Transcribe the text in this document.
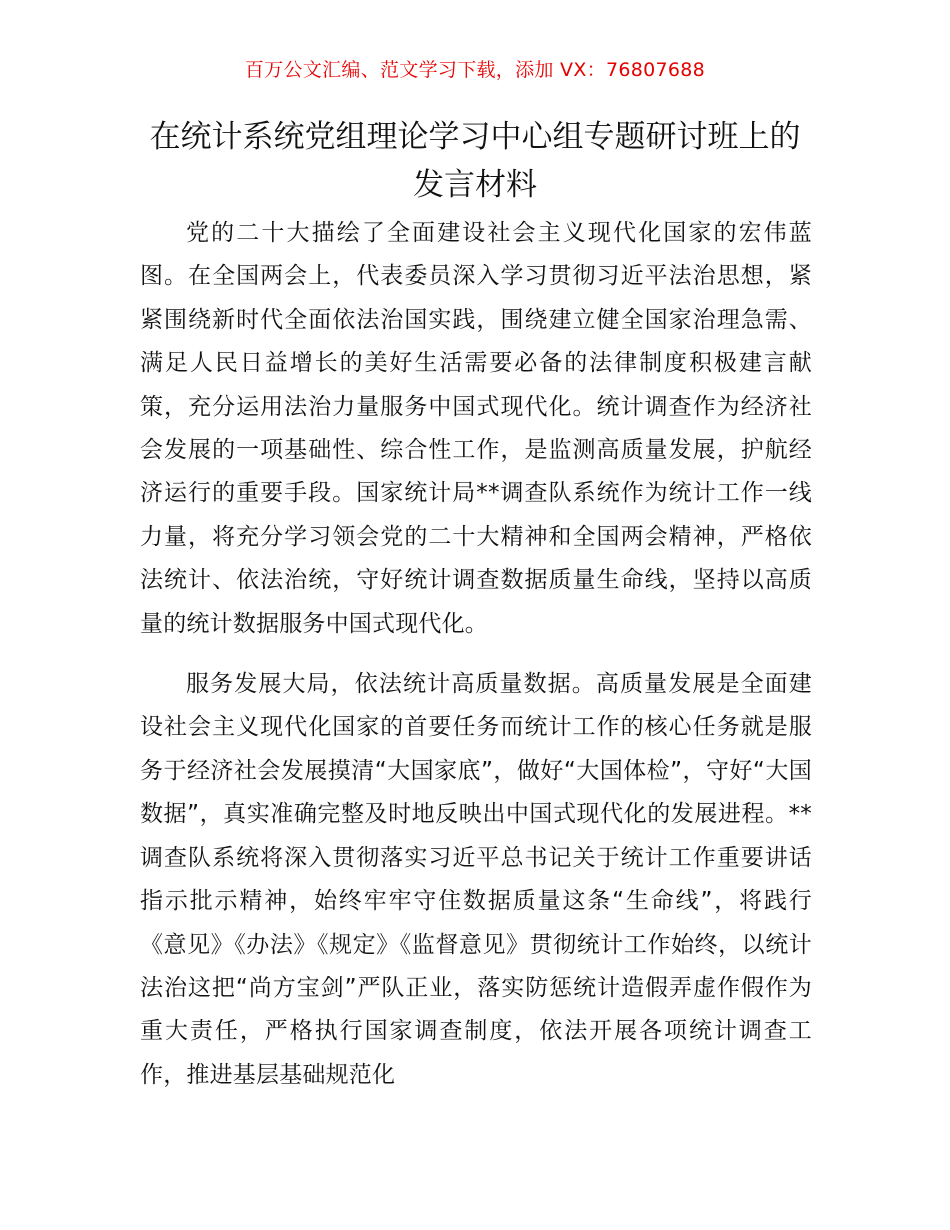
百万公文汇编、范文学习下载，添加 VX：76807688
在统计系统党组理论学习中心组专题研讨班上的发言材料

党的二十大描绘了全面建设社会主义现代化国家的宏伟蓝图。在全国两会上，代表委员深入学习贯彻习近平法治思想，紧紧围绕新时代全面依法治国实践，围绕建立健全国家治理急需、满足人民日益增长的美好生活需要必备的法律制度积极建言献策，充分运用法治力量服务中国式现代化。统计调查作为经济社会发展的一项基础性、综合性工作，是监测高质量发展，护航经济运行的重要手段。国家统计局**调查队系统作为统计工作一线力量，将充分学习领会党的二十大精神和全国两会精神，严格依法统计、依法治统，守好统计调查数据质量生命线，坚持以高质量的统计数据服务中国式现代化。

服务发展大局，依法统计高质量数据。高质量发展是全面建设社会主义现代化国家的首要任务而统计工作的核心任务就是服务于经济社会发展摸清“大国家底”，做好“大国体检”，守好“大国数据”，真实准确完整及时地反映出中国式现代化的发展进程。**调查队系统将深入贯彻落实习近平总书记关于统计工作重要讲话指示批示精神，始终牢牢守住数据质量这条“生命线”，将践行《意见》《办法》《规定》《监督意见》贯彻统计工作始终，以统计法治这把“尚方宝剑”严队正业，落实防惩统计造假弄虚作假作为重大责任，严格执行国家调查制度，依法开展各项统计调查工作，推进基层基础规范化
